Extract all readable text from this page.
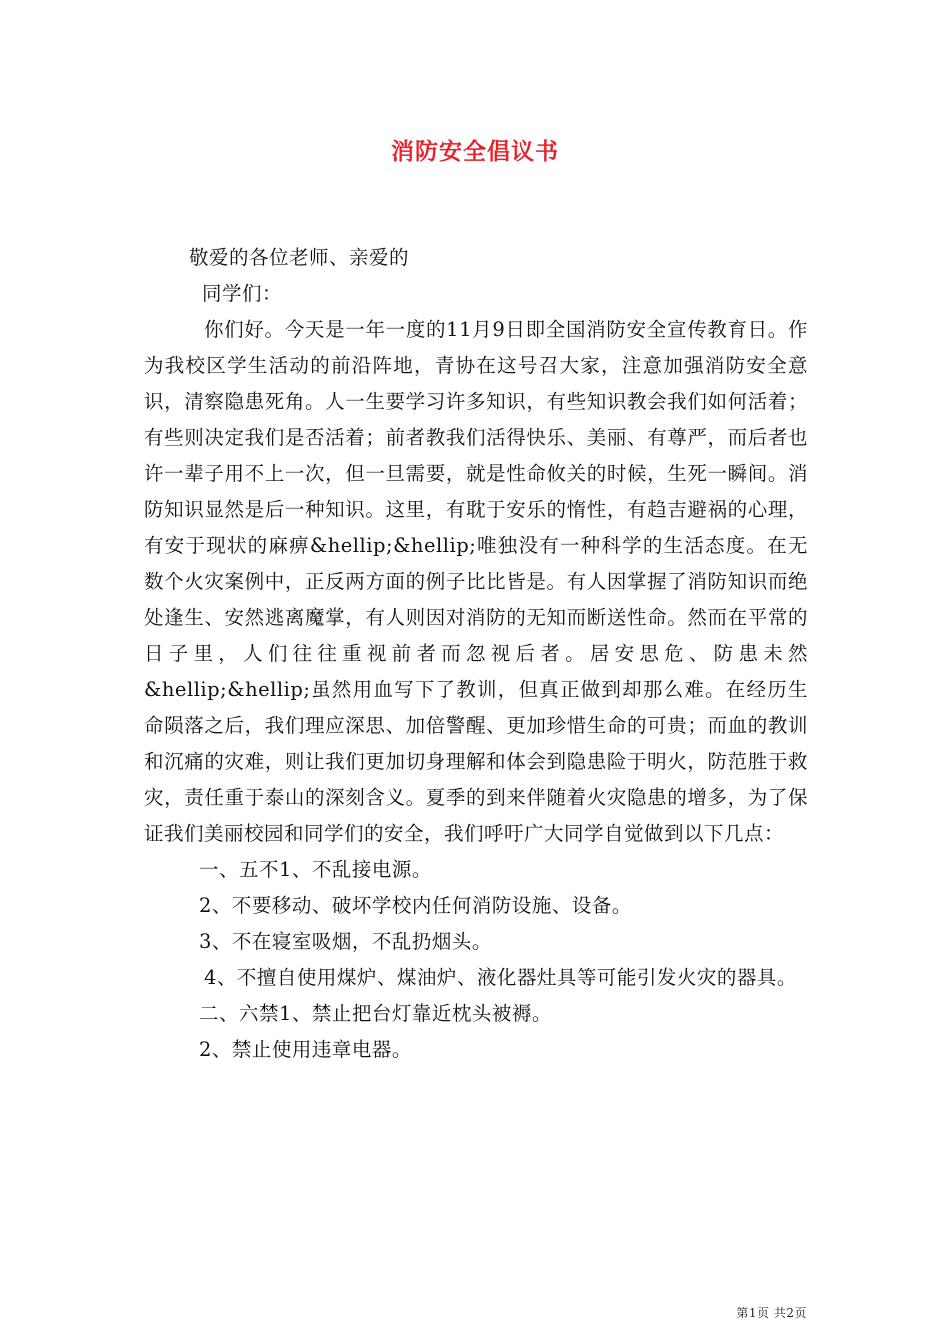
消防安全倡议书

敬爱的各位老师、亲爱的

同学们：

你们好。今天是一年一度的11月9日即全国消防安全宣传教育日。作为我校区学生活动的前沿阵地，青协在这号召大家，注意加强消防安全意识，清察隐患死角。人一生要学习许多知识，有些知识教会我们如何活着；有些则决定我们是否活着；前者教我们活得快乐、美丽、有尊严，而后者也许一辈子用不上一次，但一旦需要，就是性命攸关的时候，生死一瞬间。消防知识显然是后一种知识。这里，有耽于安乐的惰性，有趋吉避祸的心理，有安于现状的麻痹&hellip;&hellip;唯独没有一种科学的生活态度。在无数个火灾案例中，正反两方面的例子比比皆是。有人因掌握了消防知识而绝处逢生、安然逃离魔掌，有人则因对消防的无知而断送性命。然而在平常的日子里，人们往往重视前者而忽视后者。居安思危、防患未然&hellip;&hellip;虽然用血写下了教训，但真正做到却那么难。在经历生命陨落之后，我们理应深思、加倍警醒、更加珍惜生命的可贵；而血的教训和沉痛的灾难，则让我们更加切身理解和体会到隐患险于明火，防范胜于救灾，责任重于泰山的深刻含义。夏季的到来伴随着火灾隐患的增多，为了保证我们美丽校园和同学们的安全，我们呼吁广大同学自觉做到以下几点：

一、五不1、不乱接电源。

2、不要移动、破坏学校内任何消防设施、设备。

3、不在寝室吸烟，不乱扔烟头。

4、不擅自使用煤炉、煤油炉、液化器灶具等可能引发火灾的器具。

二、六禁1、禁止把台灯靠近枕头被褥。

2、禁止使用违章电器。

第1页 共2页
